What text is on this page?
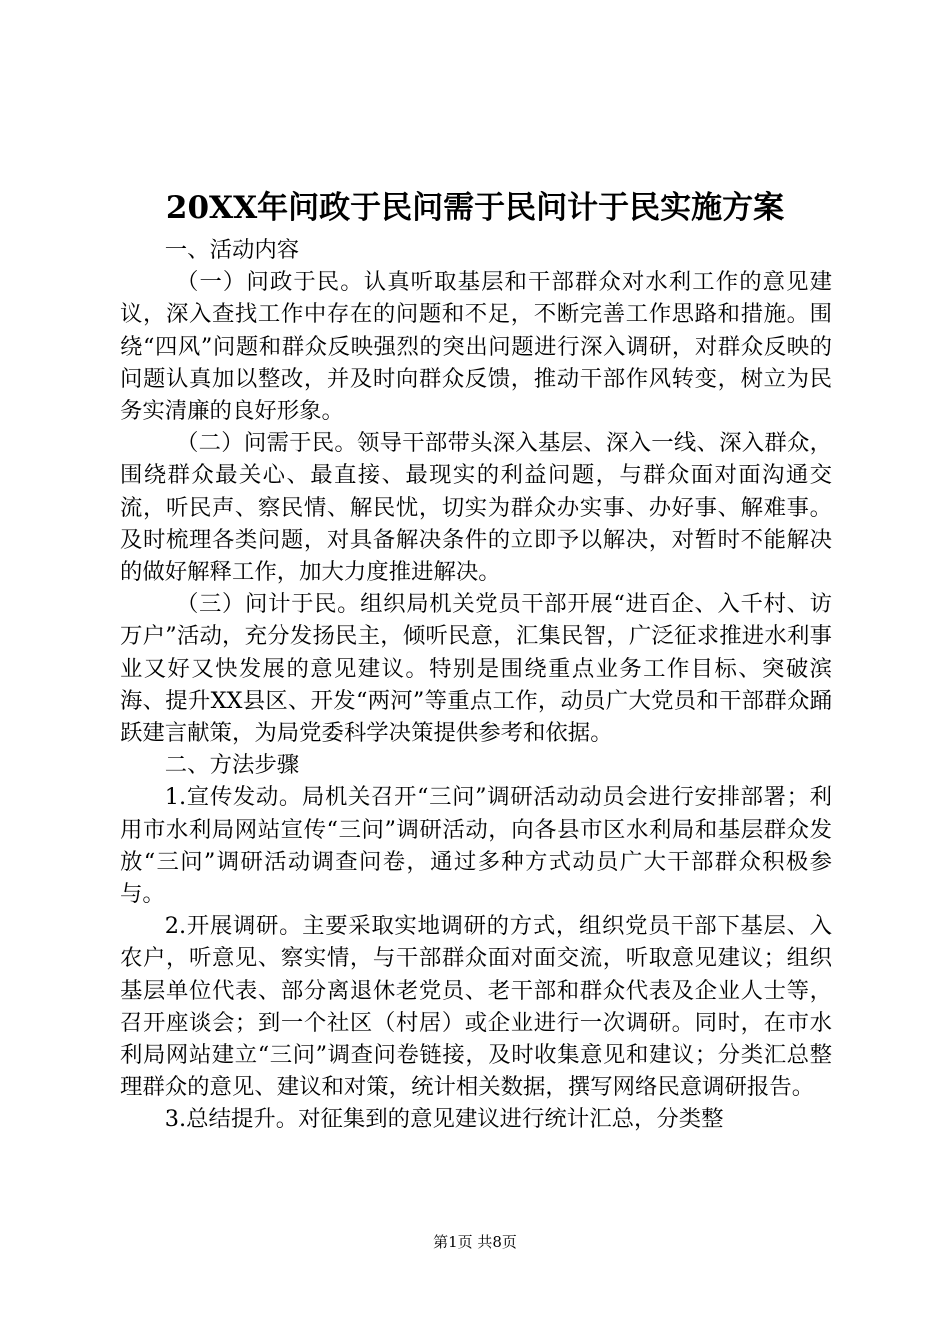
20XX年问政于民问需于民问计于民实施方案

一、活动内容

（一）问政于民。认真听取基层和干部群众对水利工作的意见建议，深入查找工作中存在的问题和不足，不断完善工作思路和措施。围绕“四风”问题和群众反映强烈的突出问题进行深入调研，对群众反映的问题认真加以整改，并及时向群众反馈，推动干部作风转变，树立为民务实清廉的良好形象。

（二）问需于民。领导干部带头深入基层、深入一线、深入群众，围绕群众最关心、最直接、最现实的利益问题，与群众面对面沟通交流，听民声、察民情、解民忧，切实为群众办实事、办好事、解难事。及时梳理各类问题，对具备解决条件的立即予以解决，对暂时不能解决的做好解释工作，加大力度推进解决。

（三）问计于民。组织局机关党员干部开展“进百企、入千村、访万户”活动，充分发扬民主，倾听民意，汇集民智，广泛征求推进水利事业又好又快发展的意见建议。特别是围绕重点业务工作目标、突破滨海、提升XX县区、开发“两河”等重点工作，动员广大党员和干部群众踊跃建言献策，为局党委科学决策提供参考和依据。

二、方法步骤

1.宣传发动。局机关召开“三问”调研活动动员会进行安排部署；利用市水利局网站宣传“三问”调研活动，向各县市区水利局和基层群众发放“三问”调研活动调查问卷，通过多种方式动员广大干部群众积极参与。

2.开展调研。主要采取实地调研的方式，组织党员干部下基层、入农户，听意见、察实情，与干部群众面对面交流，听取意见建议；组织基层单位代表、部分离退休老党员、老干部和群众代表及企业人士等，召开座谈会；到一个社区（村居）或企业进行一次调研。同时，在市水利局网站建立“三问”调查问卷链接，及时收集意见和建议；分类汇总整理群众的意见、建议和对策，统计相关数据，撰写网络民意调研报告。

3.总结提升。对征集到的意见建议进行统计汇总，分类整

第1页 共8页
